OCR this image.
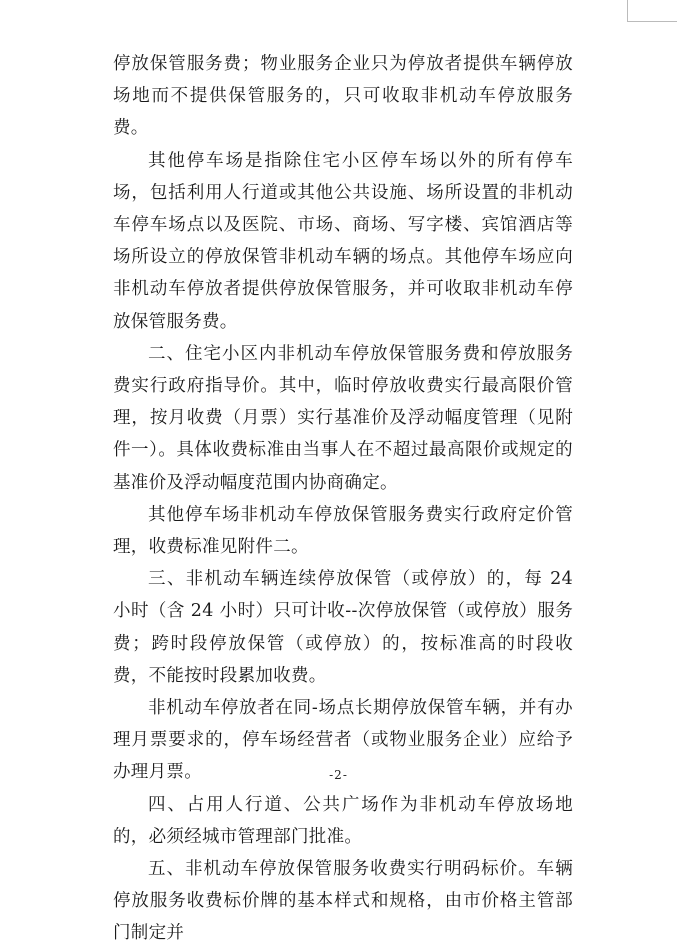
停放保管服务费；物业服务企业只为停放者提供车辆停放场地而不提供保管服务的，只可收取非机动车停放服务费。

其他停车场是指除住宅小区停车场以外的所有停车场，包括利用人行道或其他公共设施、场所设置的非机动车停车场点以及医院、市场、商场、写字楼、宾馆酒店等场所设立的停放保管非机动车辆的场点。其他停车场应向非机动车停放者提供停放保管服务，并可收取非机动车停放保管服务费。

二、住宅小区内非机动车停放保管服务费和停放服务费实行政府指导价。其中，临时停放收费实行最高限价管理，按月收费（月票）实行基准价及浮动幅度管理（见附件一）。具体收费标准由当事人在不超过最高限价或规定的基准价及浮动幅度范围内协商确定。

其他停车场非机动车停放保管服务费实行政府定价管理，收费标准见附件二。

三、非机动车辆连续停放保管（或停放）的，每 24 小时（含 24 小时）只可计收--次停放保管（或停放）服务费；跨时段停放保管（或停放）的，按标准高的时段收费，不能按时段累加收费。

非机动车停放者在同-场点长期停放保管车辆，并有办理月票要求的，停车场经营者（或物业服务企业）应给予办理月票。

四、占用人行道、公共广场作为非机动车停放场地的，必须经城市管理部门批准。

五、非机动车停放保管服务收费实行明码标价。车辆停放服务收费标价牌的基本样式和规格，由市价格主管部门制定并

-2-
